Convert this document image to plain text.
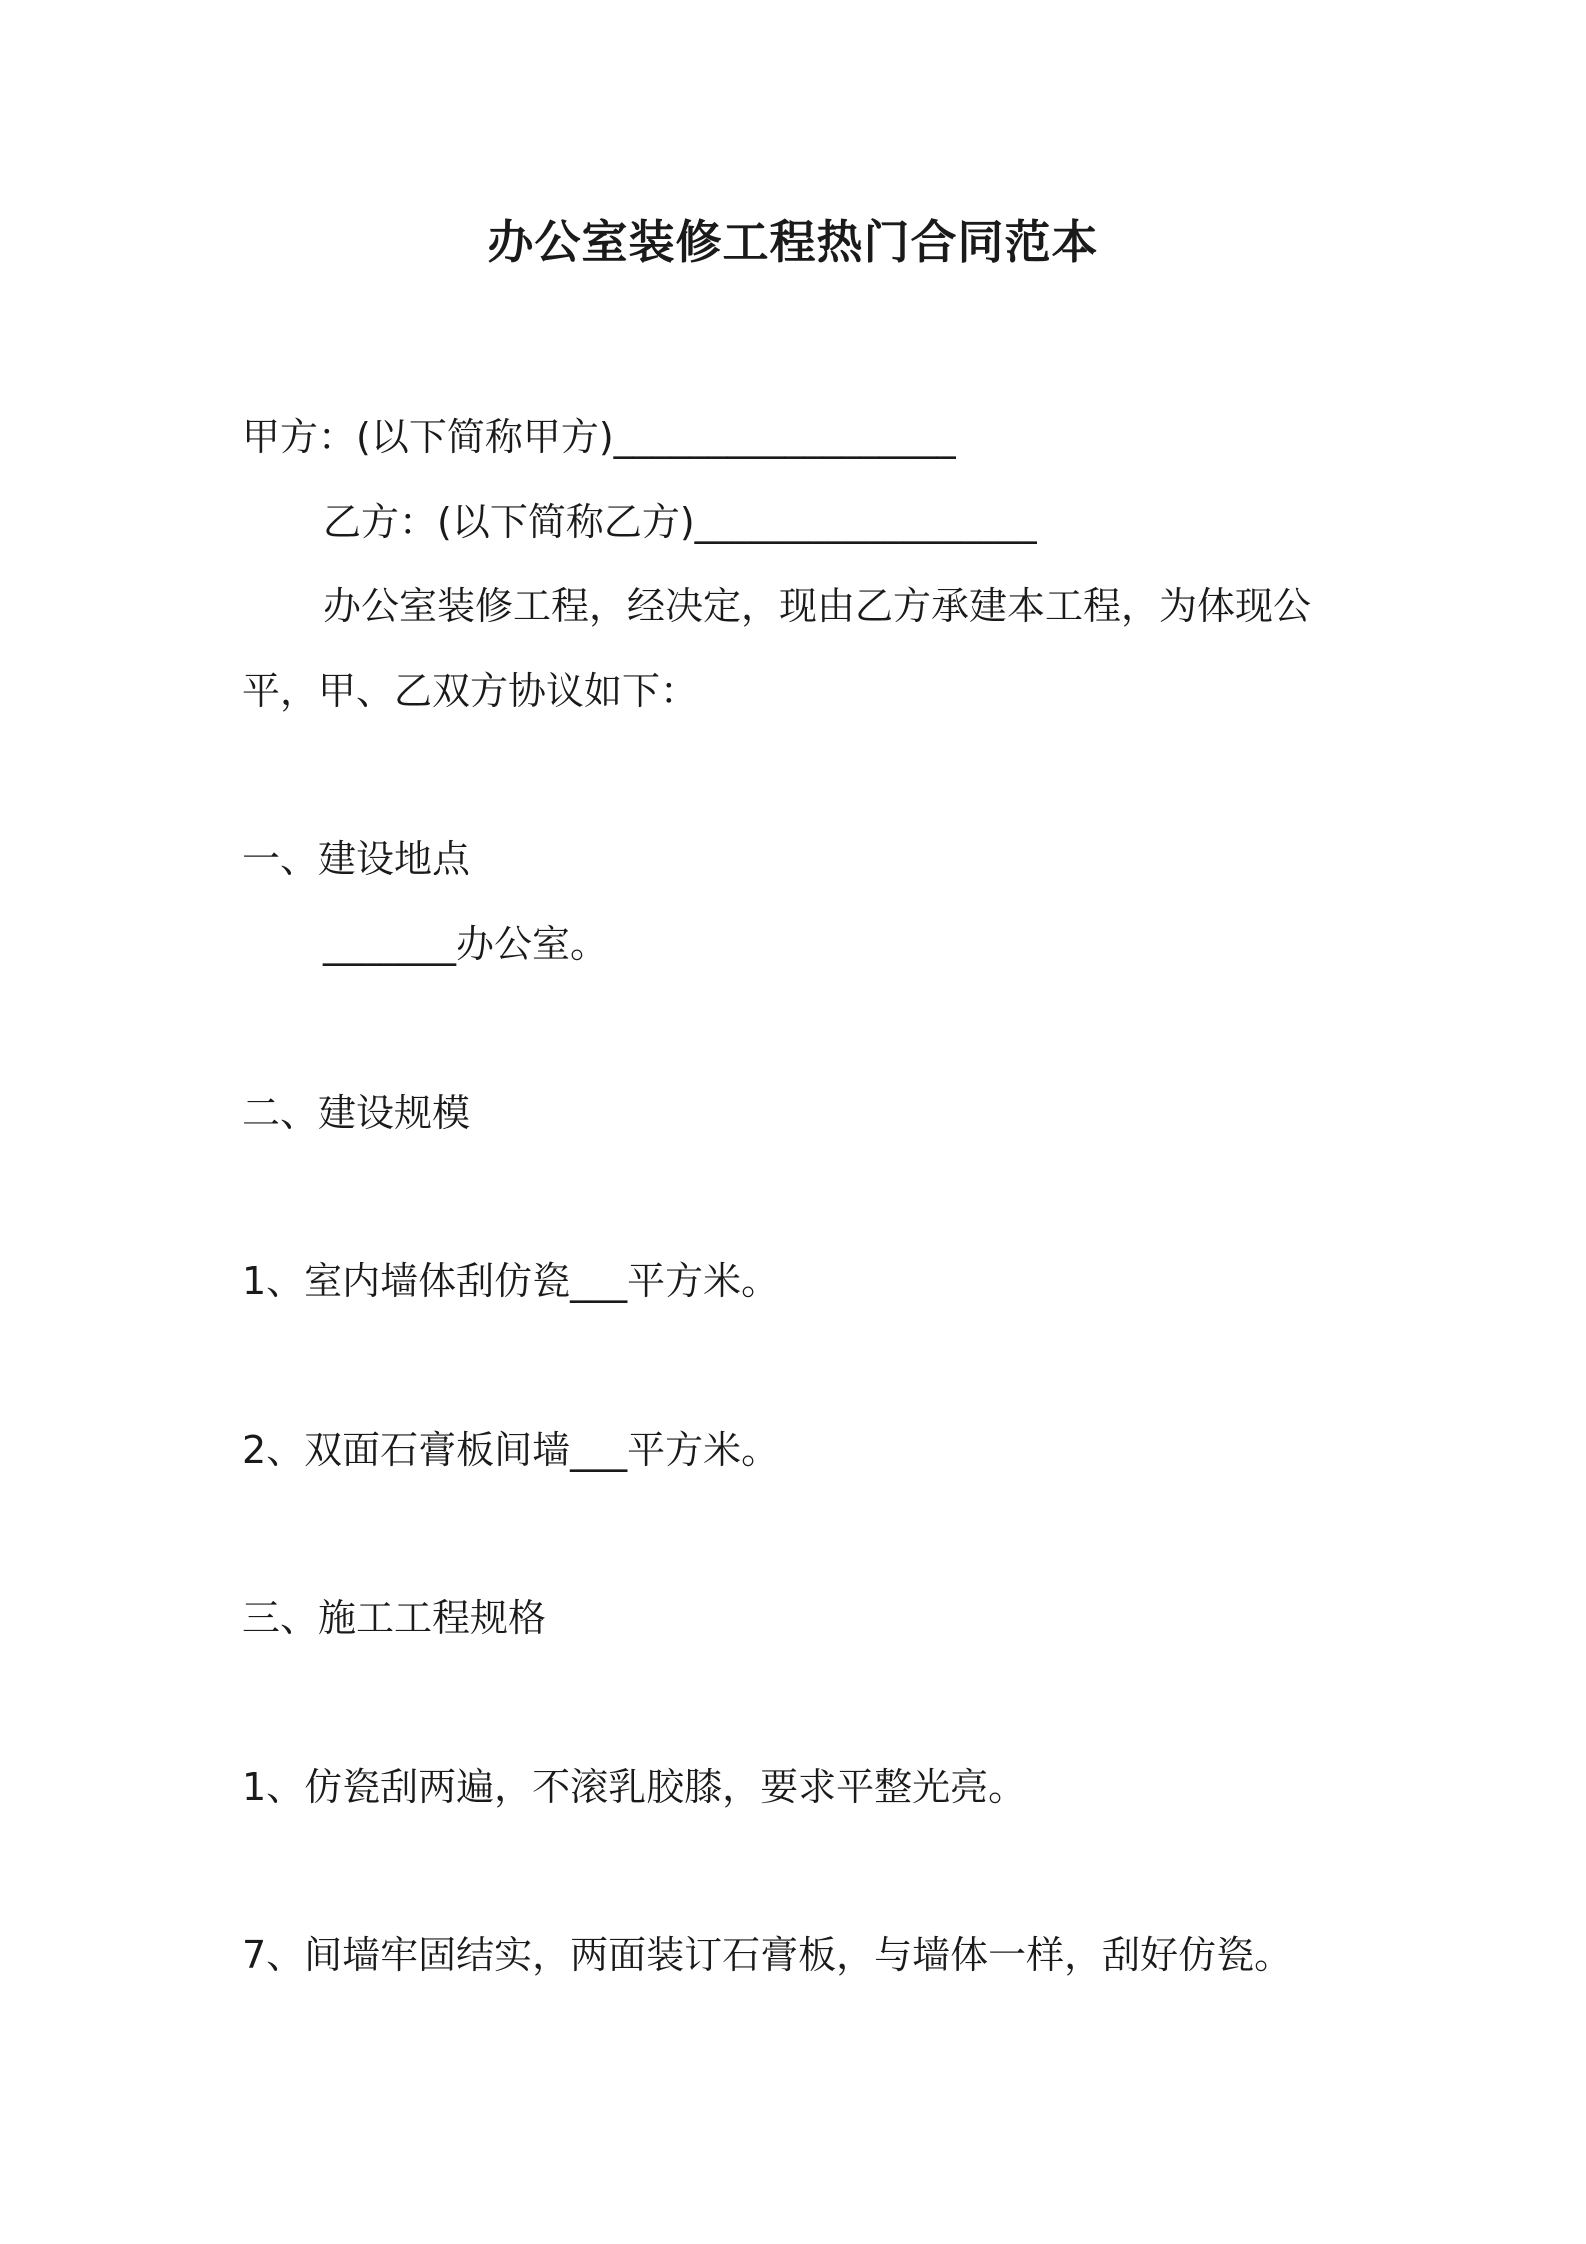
办公室装修工程热门合同范本
甲方：(以下简称甲方)__________________
乙方：(以下简称乙方)__________________
办公室装修工程，经决定，现由乙方承建本工程，为体现公
平，甲、乙双方协议如下：
一、建设地点
_______办公室。
二、建设规模
1、室内墙体刮仿瓷___平方米。
2、双面石膏板间墙___平方米。
三、施工工程规格
1、仿瓷刮两遍，不滚乳胶膝，要求平整光亮。
7、间墙牢固结实，两面装订石膏板，与墙体一样，刮好仿瓷。
